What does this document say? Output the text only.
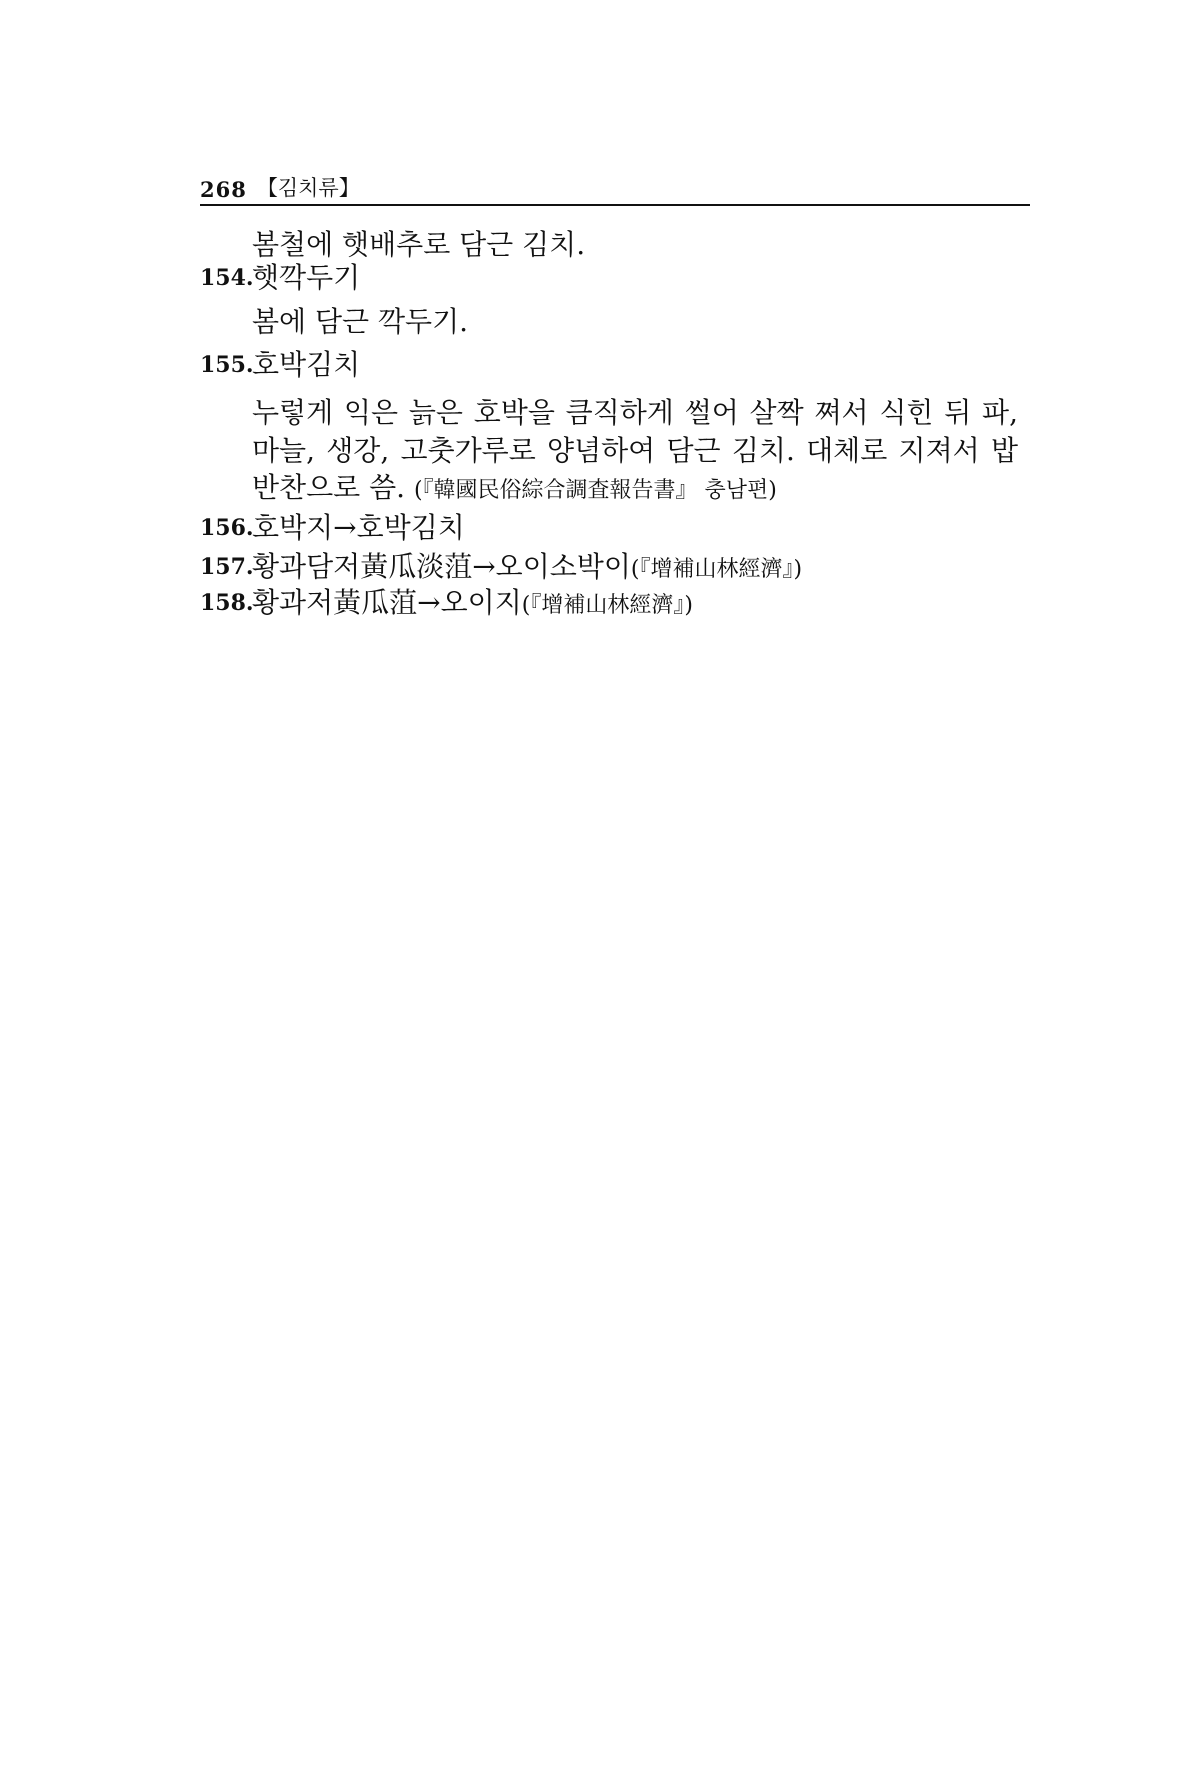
268 【김치류】
봄철에 햇배추로 담근 김치.
154.
햇깍두기
봄에 담근 깍두기.
155.
호박김치
누렇게 익은 늙은 호박을 큼직하게 썰어 살짝 쪄서 식힌 뒤 파,
마늘, 생강, 고춧가루로 양념하여 담근 김치. 대체로 지져서 밥
반찬으로 씀. (『韓國民俗綜合調査報告書』 충남편)
156.
호박지→호박김치
157.
황과담저黃瓜淡菹→오이소박이(『增補山林經濟』)
158.
황과저黃瓜菹→오이지(『增補山林經濟』)
